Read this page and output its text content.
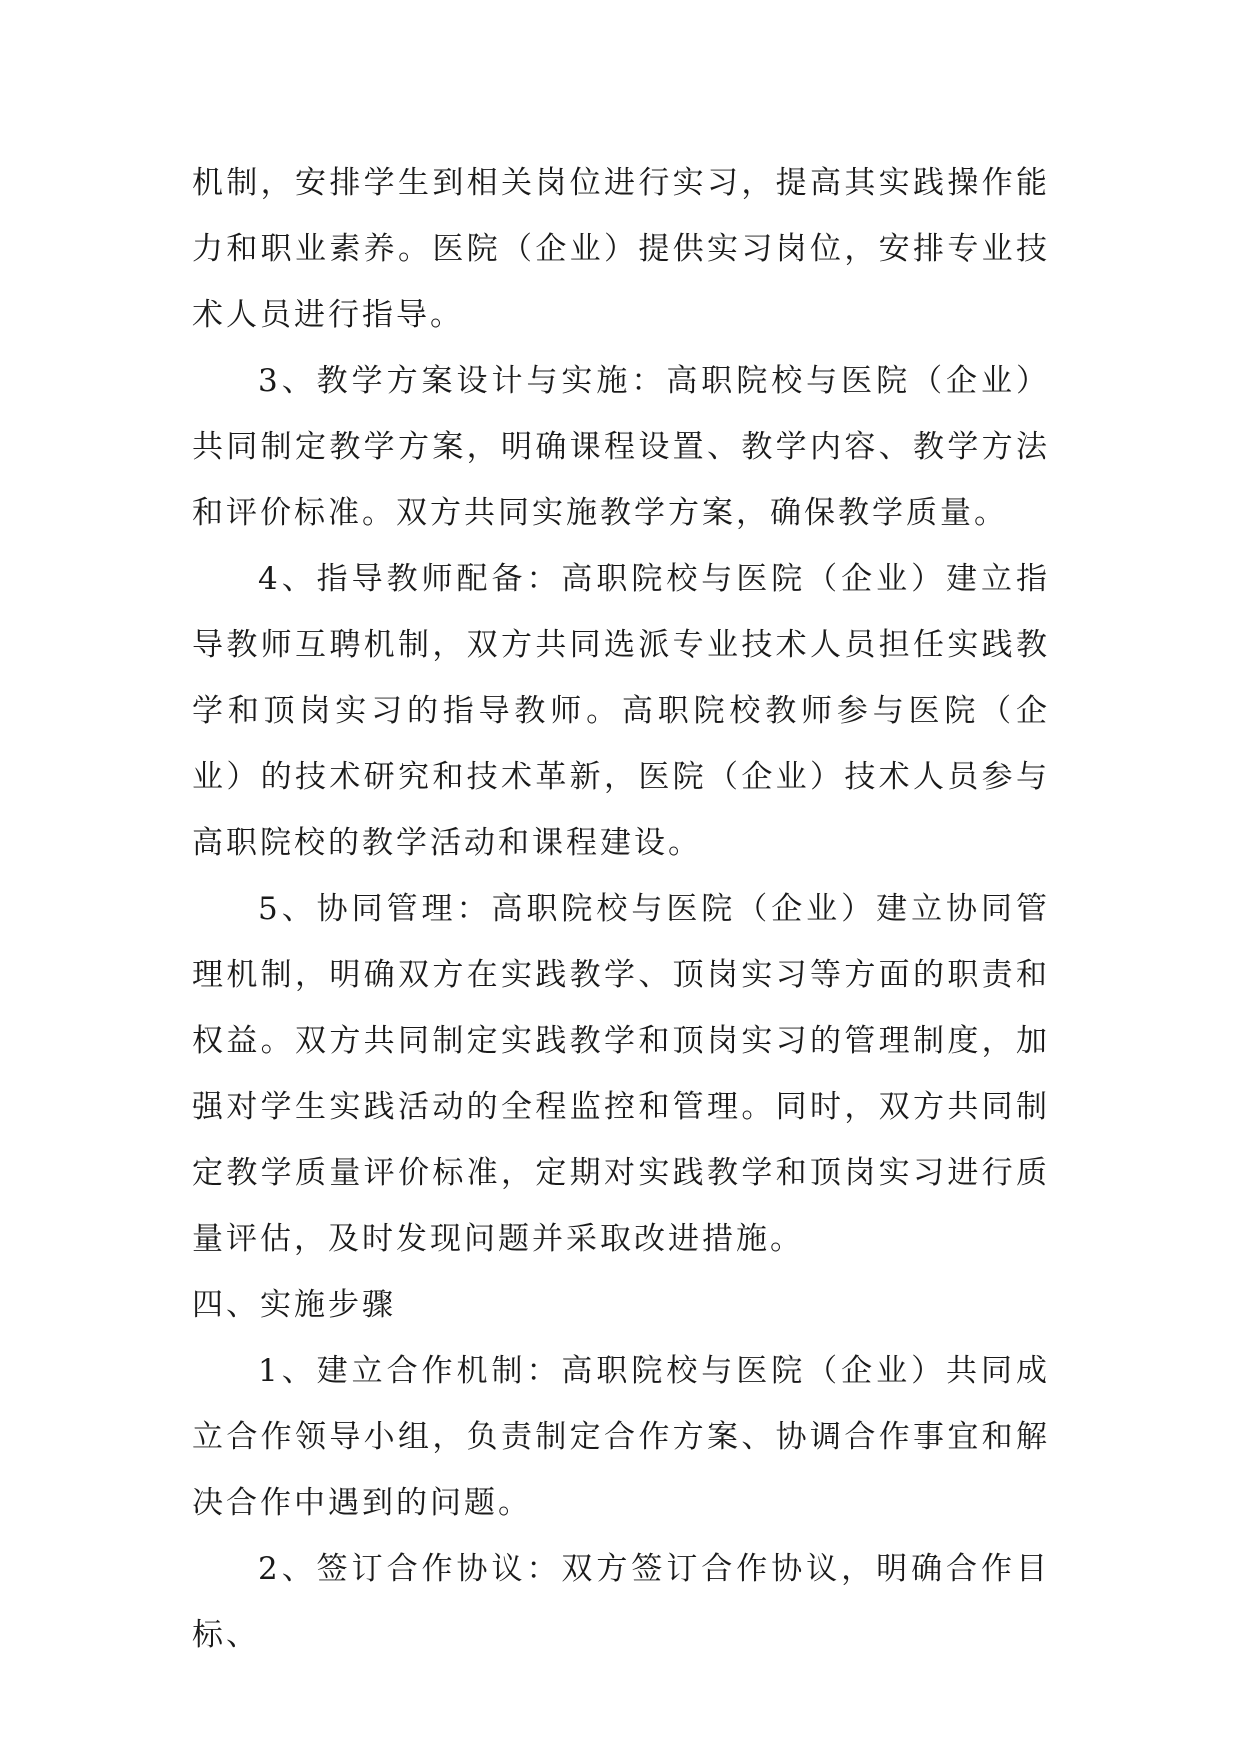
机制，安排学生到相关岗位进行实习，提高其实践操作能力和职业素养。医院（企业）提供实习岗位，安排专业技术人员进行指导。

3、教学方案设计与实施：高职院校与医院（企业）共同制定教学方案，明确课程设置、教学内容、教学方法和评价标准。双方共同实施教学方案，确保教学质量。

4、指导教师配备：高职院校与医院（企业）建立指导教师互聘机制，双方共同选派专业技术人员担任实践教学和顶岗实习的指导教师。高职院校教师参与医院（企业）的技术研究和技术革新，医院（企业）技术人员参与高职院校的教学活动和课程建设。

5、协同管理：高职院校与医院（企业）建立协同管理机制，明确双方在实践教学、顶岗实习等方面的职责和权益。双方共同制定实践教学和顶岗实习的管理制度，加强对学生实践活动的全程监控和管理。同时，双方共同制定教学质量评价标准，定期对实践教学和顶岗实习进行质量评估，及时发现问题并采取改进措施。

四、实施步骤

1、建立合作机制：高职院校与医院（企业）共同成立合作领导小组，负责制定合作方案、协调合作事宜和解决合作中遇到的问题。

2、签订合作协议：双方签订合作协议，明确合作目标、
